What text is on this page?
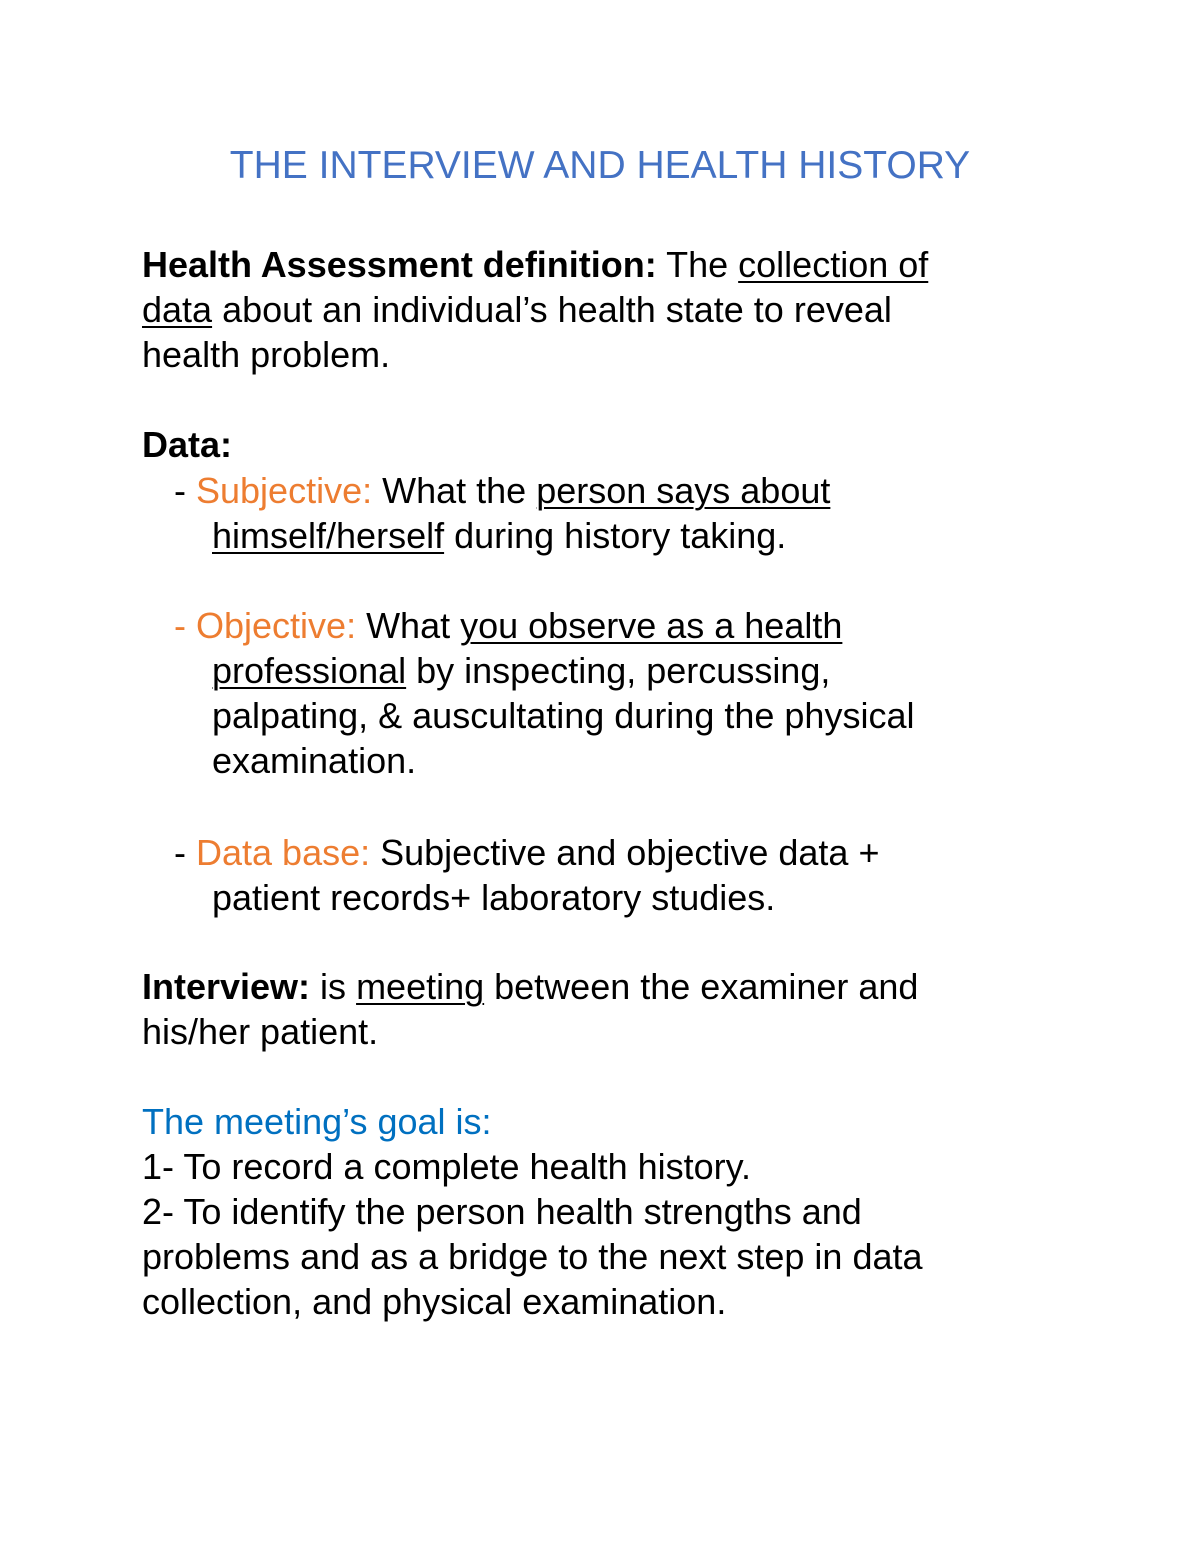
THE INTERVIEW AND HEALTH HISTORY

Health Assessment definition: The collection of
data about an individual’s health state to reveal
health problem.

Data:

- Subjective: What the person says about
himself/herself during history taking.

- Objective: What you observe as a health
professional by inspecting, percussing,
palpating, & auscultating during the physical
examination.

- Data base: Subjective and objective data +
patient records+ laboratory studies.

Interview: is meeting between the examiner and
his/her patient.

The meeting’s goal is:
1- To record a complete health history.
2- To identify the person health strengths and
problems and as a bridge to the next step in data
collection, and physical examination.
